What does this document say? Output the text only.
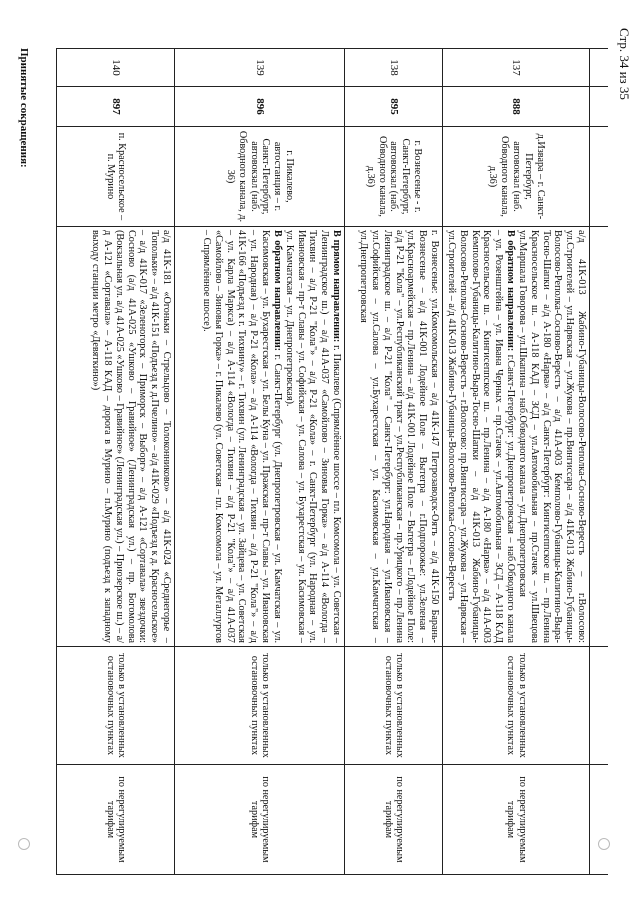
Стр. 34 из 35

137	888	д.Извара – г. Санкт-Петербург, автовокзал (наб. Обводного канала, д.36)	а/д 41К-013 Жабино-Губаницы-Волосово-Реполка-Сосново-Верестъ – г.Волосово: ул.Строителей – ул.Нарвская – ул.Жукова – пр.Вингиссара – а/д 41К-013 Жабино-Губаницы-Волосово-Реполка-Сосново-Верестъ – а/д 41А-003 Кемполово-Губаницы-Калитино-Выра-Тосно-Шапки – а/д А-180 «Нарва» – а/д Санкт-Петербург: Кингисеппское ш. – пр.Ленина Красносельское ш. – А-118 КАД – ЗСД – ул.Автомобильная – пр.Стачек – ул.Швецова ул.Маршала Говорова – ул.Шкапина – наб.Обводного канала – ул.Днепропетровская
В обратном направлении: г.Санкт-Петербург: ул.Днепропетровская – наб.Обводного канала – ул. Розенштейна – ул. Ивана Черных – пр.Стачек – ул.Автомобильная – ЗСД – А-118 КАД Красносельское ш. – Кингисеппское ш. – пр.Ленина – а/д А-180 «Нарва» – а/д 41А-003 Кемполово-Губаницы-Калитино-Выра-Тосно-Шапки – а/д 41К-013 Жабино-Губаницы-Волосово-Реполка-Сосново-Верестъ – г.Волосово: пр.Вингиссара – ул.Жукова – ул.Нарвская – ул.Строителей – а/д 41К-013 Жабино-Губаницы-Волосово-Реполка-Сосново-Верестъ	только в установленных остановочных пунктах	по нерегулируемым тарифам
138	895	г. Вознесенье - г. Санкт-Петербург, автовокзал (наб. Обводного канала, д.36)	г. Вознесенье: ул.Комсомольская – а/д 41К-147 Петрозаводск-Оятъ – а/д 41К-150 Барань-Вознесенье – а/д 41К-001 Лодейное Поле – Вытегра – г.Подпорожье: ул.Зеленая – ул.Красноармейская – пр.Ленина – а/д 41К-001 Лодейное Поле – Вытегра – г.Лодейное Поле: а/д Р-21 "Кола" – ул.Республиканский тракт – ул.Республиканская – пр.Урицкого – пр.Ленина Ленинградское ш. – а/д Р-21 "Кола" – Санкт-Петербург: ул.Народная – ул.Ивановская – ул.Софийская – ул.Салова – ул.Бухарестская – ул. Касимовская – ул.Камчатская – ул.Днепропетровская	только в установленных остановочных пунктах	по нерегулируемым тарифам
139	896	г. Пикалево, автостанция – г. Санкт-Петербург, автовокзал (наб. Обводного канала, д. 36)	В прямом направлении: г. Пикалево (Спрямлённое шоссе – пл. Комсомола – ул. Советская – Ленинградское ш.) – а/д 41А-037 «Самойлово – Зиновья Горка» – а/д А-114 «Вологда – Тихвин – а/д Р-21 "Кола"» – а/д Р-21 «Кола» – г. Санкт-Петербург (ул. Народная – ул. Ивановская – пр-т Славы – ул. Софийская – ул. Салова – ул. Бухарестская – ул. Касимовская – ул. Камчатская – ул. Днепропетровская).
В обратном направлении: г. Санкт-Петербург (ул. Днепропетровская – ул. Камчатская – ул. Касимовская – ул. Бухарестская – ул. Белы Куна – ул. Пражская – пр-т Славы – ул. Ивановская – ул. Народная) – а/д Р-21 «Кола» – а/д А-114 «Вологда – Тихвин – а/д Р-21 "Кола"» – а/д 41К-166 «Подъезд к г. Тихвину» – г. Тихвин (ул. Ленинградская – ул. Зайцева – ул. Советская – ул. Карла Маркса) – а/д А-114 «Вологда – Тихвин – а/д Р-21 "Кола"» – а/д 41А-037 «Самойлово – Зиновья Горка» – г. Пикалево (ул. Советская – пл. Комсомола – ул. Металлургов – Спрямлённое шоссе).	только в установленных остановочных пунктах	по нерегулируемым тарифам
140	897	п. Красносельское – п. Мурино	а/д 41К-181 «Огоньки – Стрельцово – Толоконниково» – а/д 41К-024 «Среднегорье – Топольки» – а/д 41К-151 «Подъезд к д.Пчелино» – а/д 41К-029 «Подъезд к д. Красносельское» – а/д 41К-017 «Зеленогорск – Приморск – Выборг» – а/д А-121 «Сортавала» звездочки: Сосново (а/д 41А-025 «Ушково – Гравийное» (Ленинградская ул.) – пр. Богомолова (Вокзальная ул. а/д 41А-025 «Ушково – Гравийное» (Ленинградская ул.) – Приозерское ш.) – а/д А-121 «Сортавала» – А-118 КАД – дорога в Мурино – п.Мурино (подъезд к западному выходу станции метро «Девяткино»)	только в установленных остановочных пунктах	по нерегулируемым тарифам
Принятые сокращения:
